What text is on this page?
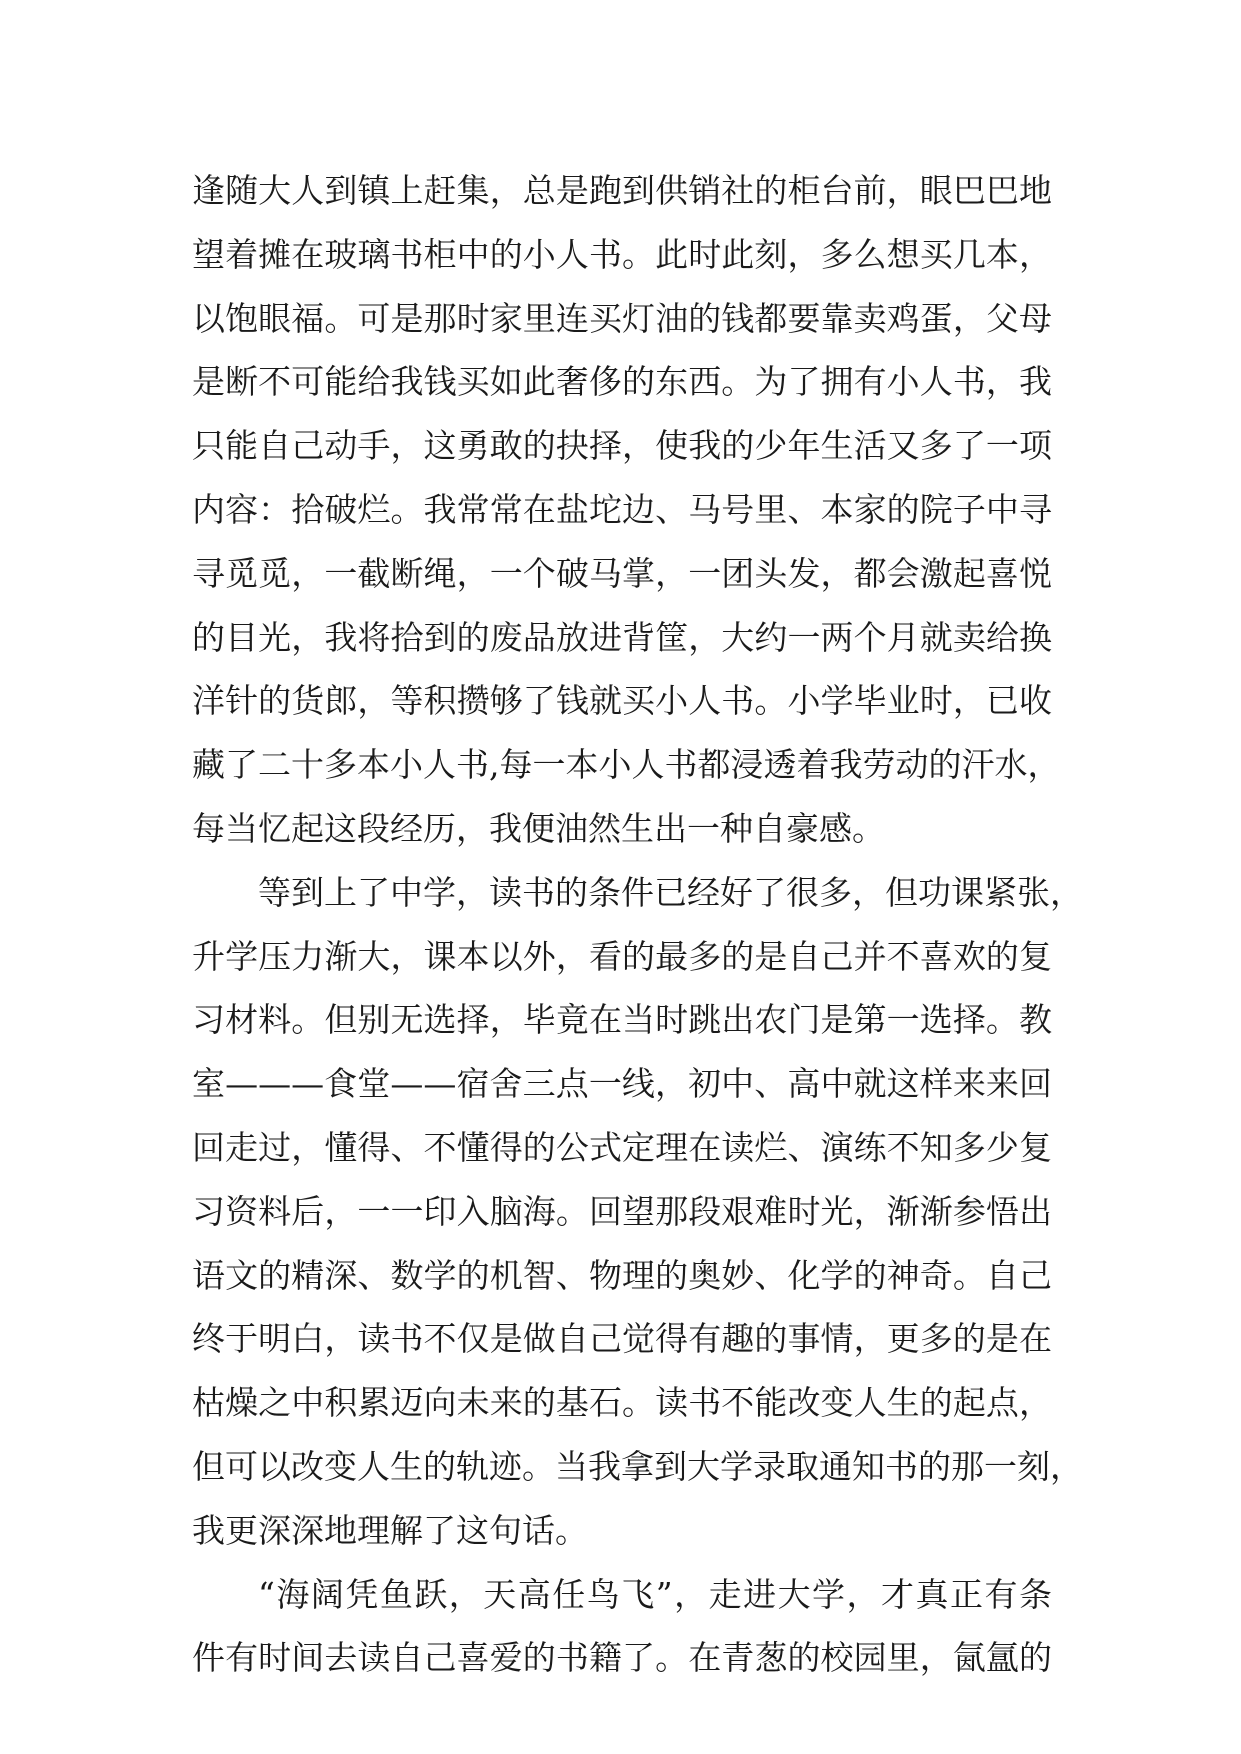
逢随大人到镇上赶集，总是跑到供销社的柜台前，眼巴巴地
望着摊在玻璃书柜中的小人书。此时此刻，多么想买几本，
以饱眼福。可是那时家里连买灯油的钱都要靠卖鸡蛋，父母
是断不可能给我钱买如此奢侈的东西。为了拥有小人书，我
只能自己动手，这勇敢的抉择，使我的少年生活又多了一项
内容：拾破烂。我常常在盐坨边、马号里、本家的院子中寻
寻觅觅，一截断绳，一个破马掌，一团头发，都会激起喜悦
的目光，我将拾到的废品放进背筐，大约一两个月就卖给换
洋针的货郎，等积攒够了钱就买小人书。小学毕业时，已收
藏了二十多本小人书,每一本小人书都浸透着我劳动的汗水，
每当忆起这段经历，我便油然生出一种自豪感。
等到上了中学，读书的条件已经好了很多，但功课紧张，
升学压力渐大，课本以外，看的最多的是自己并不喜欢的复
习材料。但别无选择，毕竟在当时跳出农门是第一选择。教
室———食堂——宿舍三点一线，初中、高中就这样来来回
回走过，懂得、不懂得的公式定理在读烂、演练不知多少复
习资料后，一一印入脑海。回望那段艰难时光，渐渐参悟出
语文的精深、数学的机智、物理的奥妙、化学的神奇。自己
终于明白，读书不仅是做自己觉得有趣的事情，更多的是在
枯燥之中积累迈向未来的基石。读书不能改变人生的起点，
但可以改变人生的轨迹。当我拿到大学录取通知书的那一刻，
我更深深地理解了这句话。
“海阔凭鱼跃，天高任鸟飞”，走进大学，才真正有条
件有时间去读自己喜爱的书籍了。在青葱的校园里，氤氲的
